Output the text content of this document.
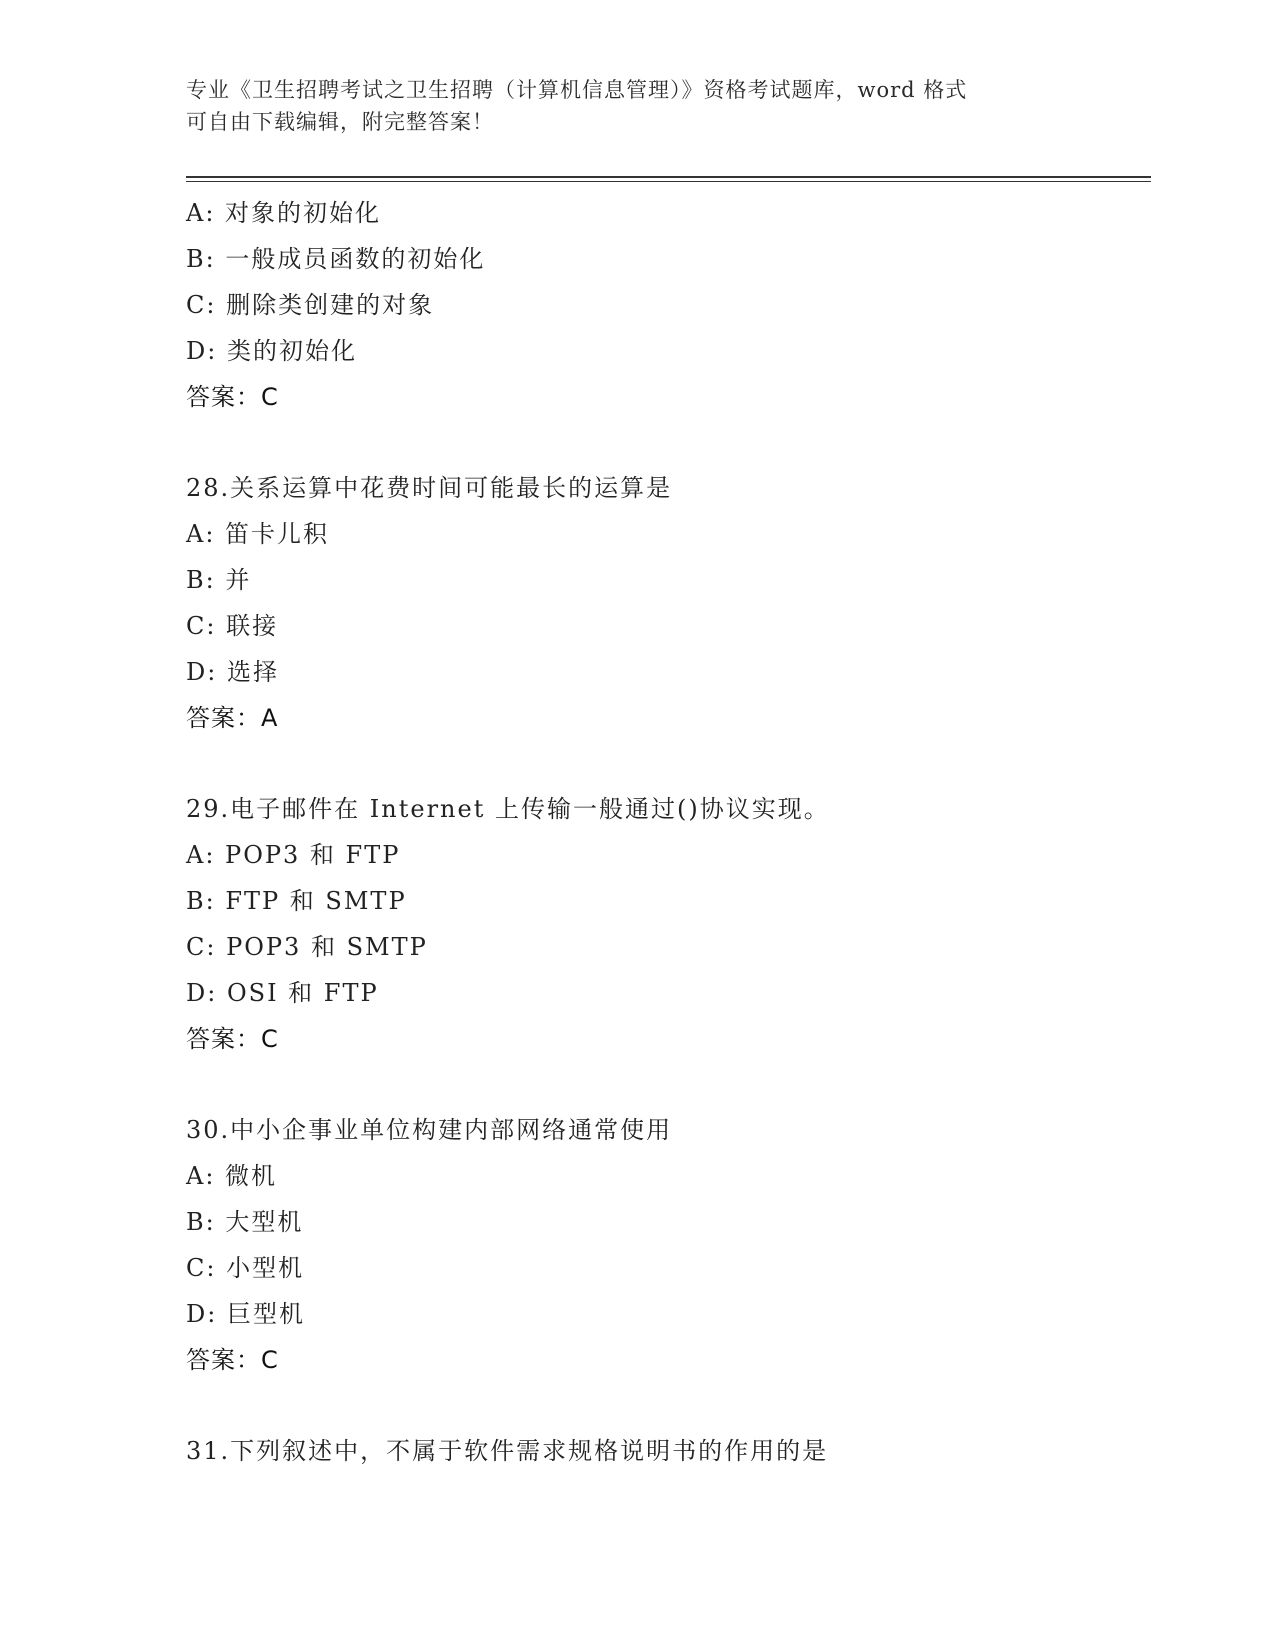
专业《卫生招聘考试之卫生招聘（计算机信息管理）》资格考试题库，word 格式
可自由下载编辑，附完整答案！
A: 对象的初始化
B: 一般成员函数的初始化
C: 删除类创建的对象
D: 类的初始化
答案：C
28.关系运算中花费时间可能最长的运算是
A: 笛卡儿积
B: 并
C: 联接
D: 选择
答案：A
29.电子邮件在 Internet 上传输一般通过()协议实现。
A: POP3 和 FTP
B: FTP 和 SMTP
C: POP3 和 SMTP
D: OSI 和 FTP
答案：C
30.中小企事业单位构建内部网络通常使用
A: 微机
B: 大型机
C: 小型机
D: 巨型机
答案：C
31.下列叙述中，不属于软件需求规格说明书的作用的是
